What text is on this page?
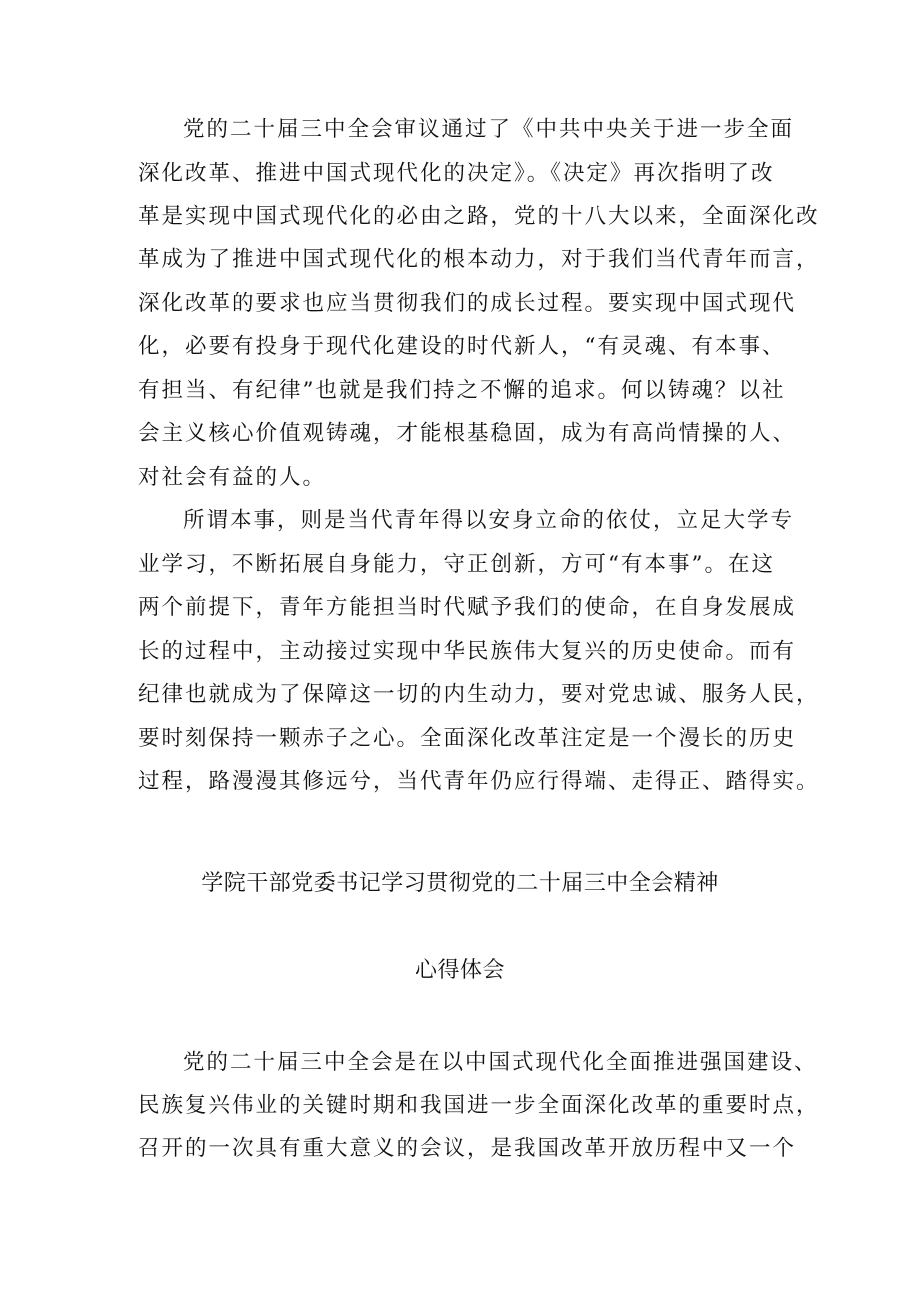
党的二十届三中全会审议通过了《中共中央关于进一步全面
深化改革、推进中国式现代化的决定》。《决定》再次指明了改
革是实现中国式现代化的必由之路，党的十八大以来，全面深化改
革成为了推进中国式现代化的根本动力，对于我们当代青年而言，
深化改革的要求也应当贯彻我们的成长过程。要实现中国式现代
化，必要有投身于现代化建设的时代新人，“有灵魂、有本事、
有担当、有纪律”也就是我们持之不懈的追求。何以铸魂？以社
会主义核心价值观铸魂，才能根基稳固，成为有高尚情操的人、
对社会有益的人。
所谓本事，则是当代青年得以安身立命的依仗，立足大学专
业学习，不断拓展自身能力，守正创新，方可“有本事”。在这
两个前提下，青年方能担当时代赋予我们的使命，在自身发展成
长的过程中，主动接过实现中华民族伟大复兴的历史使命。而有
纪律也就成为了保障这一切的内生动力，要对党忠诚、服务人民，
要时刻保持一颗赤子之心。全面深化改革注定是一个漫长的历史
过程，路漫漫其修远兮，当代青年仍应行得端、走得正、踏得实。
学院干部党委书记学习贯彻党的二十届三中全会精神
心得体会
党的二十届三中全会是在以中国式现代化全面推进强国建设、
民族复兴伟业的关键时期和我国进一步全面深化改革的重要时点，
召开的一次具有重大意义的会议，是我国改革开放历程中又一个
